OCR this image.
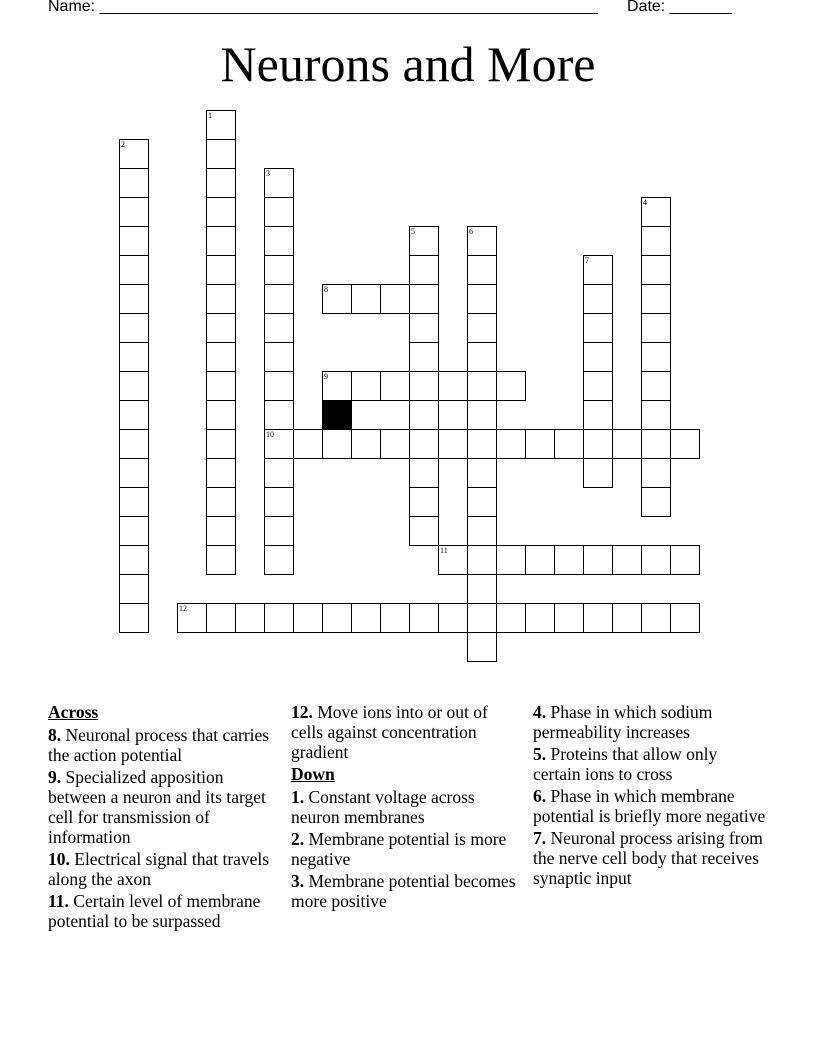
Name: ________________________________________________________ Date: _______
Neurons and More
1
2
3
10
4
5	6
7
8
9
11
12
Across
8. Neuronal process that carries the action potential
9. Specialized apposition between a neuron and its target cell for transmission of information
10. Electrical signal that travels along the axon
11. Certain level of membrane potential to be surpassed
12. Move ions into or out of cells against concentration gradient
Down
1. Constant voltage across neuron membranes
2. Membrane potential is more negative
3. Membrane potential becomes more positive
4. Phase in which sodium permeability increases
5. Proteins that allow only certain ions to cross
6. Phase in which membrane potential is briefly more negative
7. Neuronal process arising from the nerve cell body that receives synaptic input
